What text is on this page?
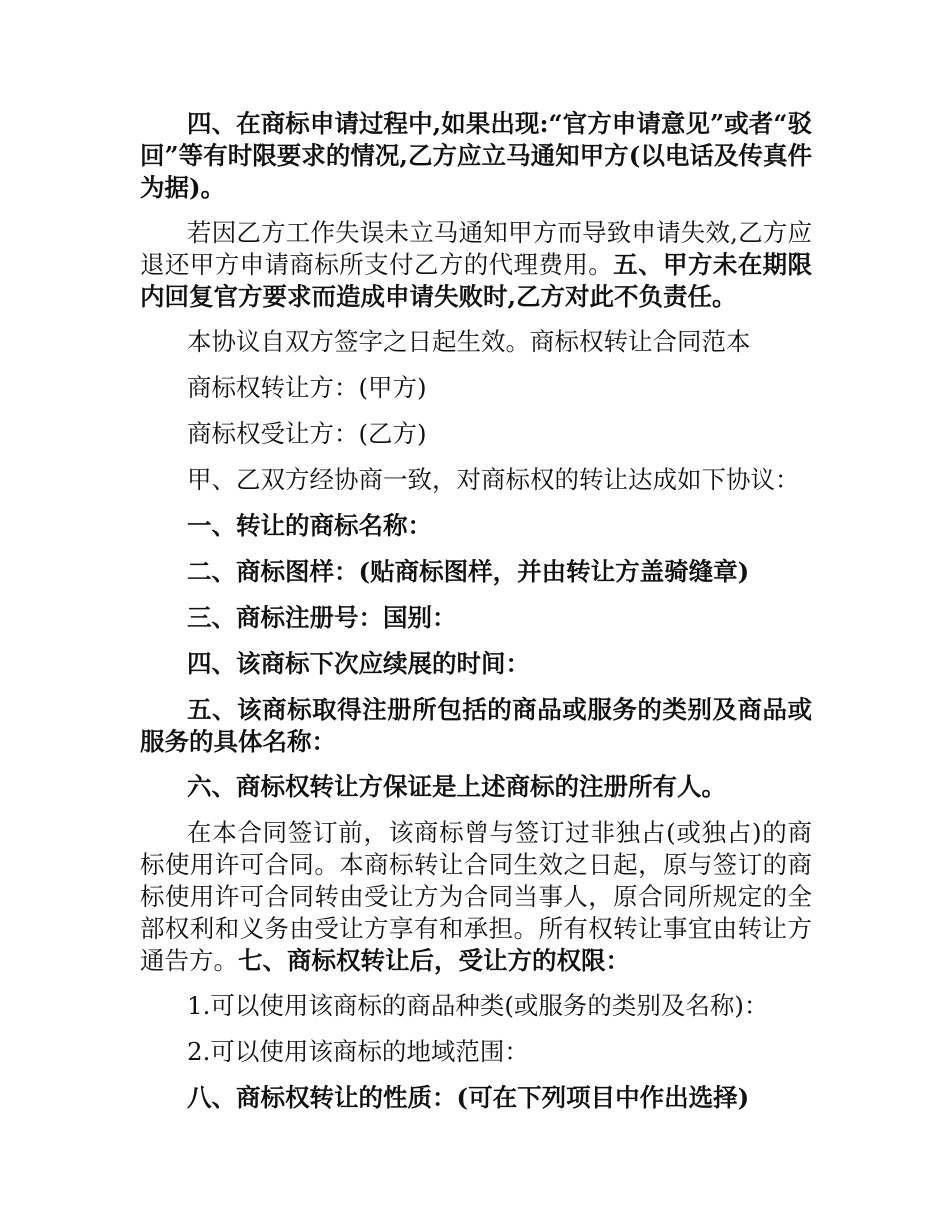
四、在商标申请过程中,如果出现:“官方申请意见”或者“驳回”等有时限要求的情况,乙方应立马通知甲方(以电话及传真件为据)。

若因乙方工作失误未立马通知甲方而导致申请失效,乙方应退还甲方申请商标所支付乙方的代理费用。五、甲方未在期限内回复官方要求而造成申请失败时,乙方对此不负责任。

本协议自双方签字之日起生效。商标权转让合同范本

商标权转让方：(甲方)

商标权受让方：(乙方)

甲、乙双方经协商一致，对商标权的转让达成如下协议：

一、转让的商标名称：

二、商标图样：(贴商标图样，并由转让方盖骑缝章)

三、商标注册号：国别：

四、该商标下次应续展的时间：

五、该商标取得注册所包括的商品或服务的类别及商品或服务的具体名称：

六、商标权转让方保证是上述商标的注册所有人。

在本合同签订前，该商标曾与签订过非独占(或独占)的商标使用许可合同。本商标转让合同生效之日起，原与签订的商标使用许可合同转由受让方为合同当事人，原合同所规定的全部权利和义务由受让方享有和承担。所有权转让事宜由转让方通告方。七、商标权转让后，受让方的权限：

1.可以使用该商标的商品种类(或服务的类别及名称)：

2.可以使用该商标的地域范围：

八、商标权转让的性质：(可在下列项目中作出选择)
